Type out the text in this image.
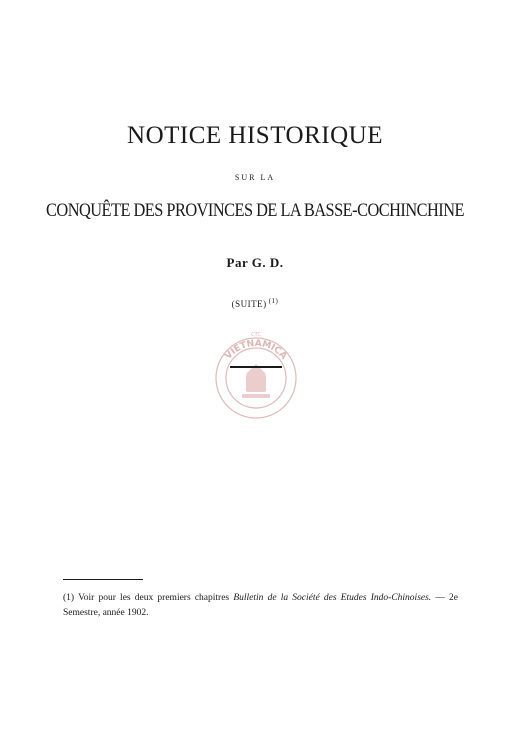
NOTICE HISTORIQUE
SUR LA
CONQUÊTE DES PROVINCES DE LA BASSE-COCHINCHINE
Par G. D.
(SUITE) $^{(1)}$
VIETNAMICA
CTC
(1) Voir pour les deux premiers chapitres Bulletin de la Société des Etudes Indo-Chinoises. — 2e Semestre, année 1902.
